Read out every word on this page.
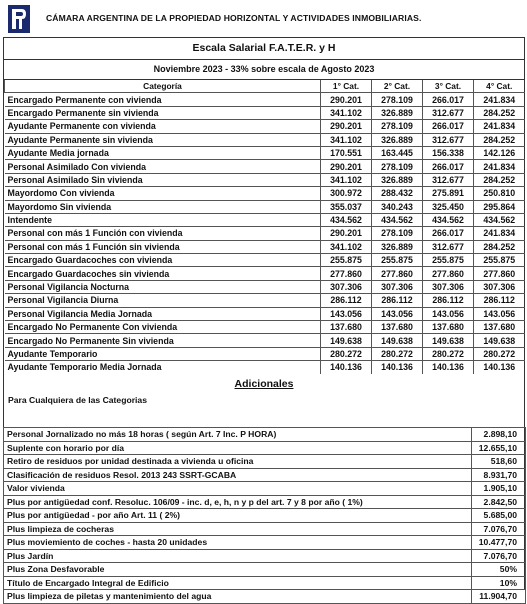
CÁMARA ARGENTINA DE LA PROPIEDAD HORIZONTAL Y ACTIVIDADES INMOBILIARIAS.
Escala Salarial F.A.T.E.R. y H
Noviembre 2023 - 33% sobre escala de Agosto 2023
Categoría	1° Cat.	2° Cat.	3° Cat.	4° Cat.
Encargado Permanente con vivienda	290.201	278.109	266.017	241.834
Encargado Permanente sin vivienda	341.102	326.889	312.677	284.252
Ayudante Permanente con vivienda	290.201	278.109	266.017	241.834
Ayudante Permanente sin vivienda	341.102	326.889	312.677	284.252
Ayudante Media jornada	170.551	163.445	156.338	142.126
Personal Asimilado Con vivienda	290.201	278.109	266.017	241.834
Personal Asimilado Sin vivienda	341.102	326.889	312.677	284.252
Mayordomo Con vivienda	300.972	288.432	275.891	250.810
Mayordomo Sin vivienda	355.037	340.243	325.450	295.864
Intendente	434.562	434.562	434.562	434.562
Personal con más 1 Función con vivienda	290.201	278.109	266.017	241.834
Personal con más 1 Función sin vivienda	341.102	326.889	312.677	284.252
Encargado Guardacoches con vivienda	255.875	255.875	255.875	255.875
Encargado Guardacoches sin vivienda	277.860	277.860	277.860	277.860
Personal Vigilancia Nocturna	307.306	307.306	307.306	307.306
Personal Vigilancia Diurna	286.112	286.112	286.112	286.112
Personal Vigilancia Media Jornada	143.056	143.056	143.056	143.056
Encargado No Permanente Con vivienda	137.680	137.680	137.680	137.680
Encargado No Permanente Sin vivienda	149.638	149.638	149.638	149.638
Ayudante Temporario	280.272	280.272	280.272	280.272
Ayudante Temporario Media Jornada	140.136	140.136	140.136	140.136
Adicionales
Para Cualquiera de las Categorias
Personal Jornalizado no más 18 horas ( según Art. 7 Inc. P HORA)	2.898,10
Suplente con horario por día	12.655,10
Retiro de residuos por unidad destinada a vivienda u oficina	518,60
Clasificación de residuos Resol. 2013 243 SSRT-GCABA	8.931,70
Valor vivienda	1.905,10
Plus por antigüedad conf. Resoluc. 106/09 - inc. d, e, h, n y p del art. 7 y 8 por año ( 1%)	2.842,50
Plus por antigüedad - por año Art. 11 ( 2%)	5.685,00
Plus limpieza de cocheras	7.076,70
Plus moviemiento de coches - hasta 20 unidades	10.477,70
Plus Jardín	7.076,70
Plus Zona Desfavorable	50%
Título de Encargado Integral de Edificio	10%
Plus limpieza de piletas y mantenimiento del agua	11.904,70
